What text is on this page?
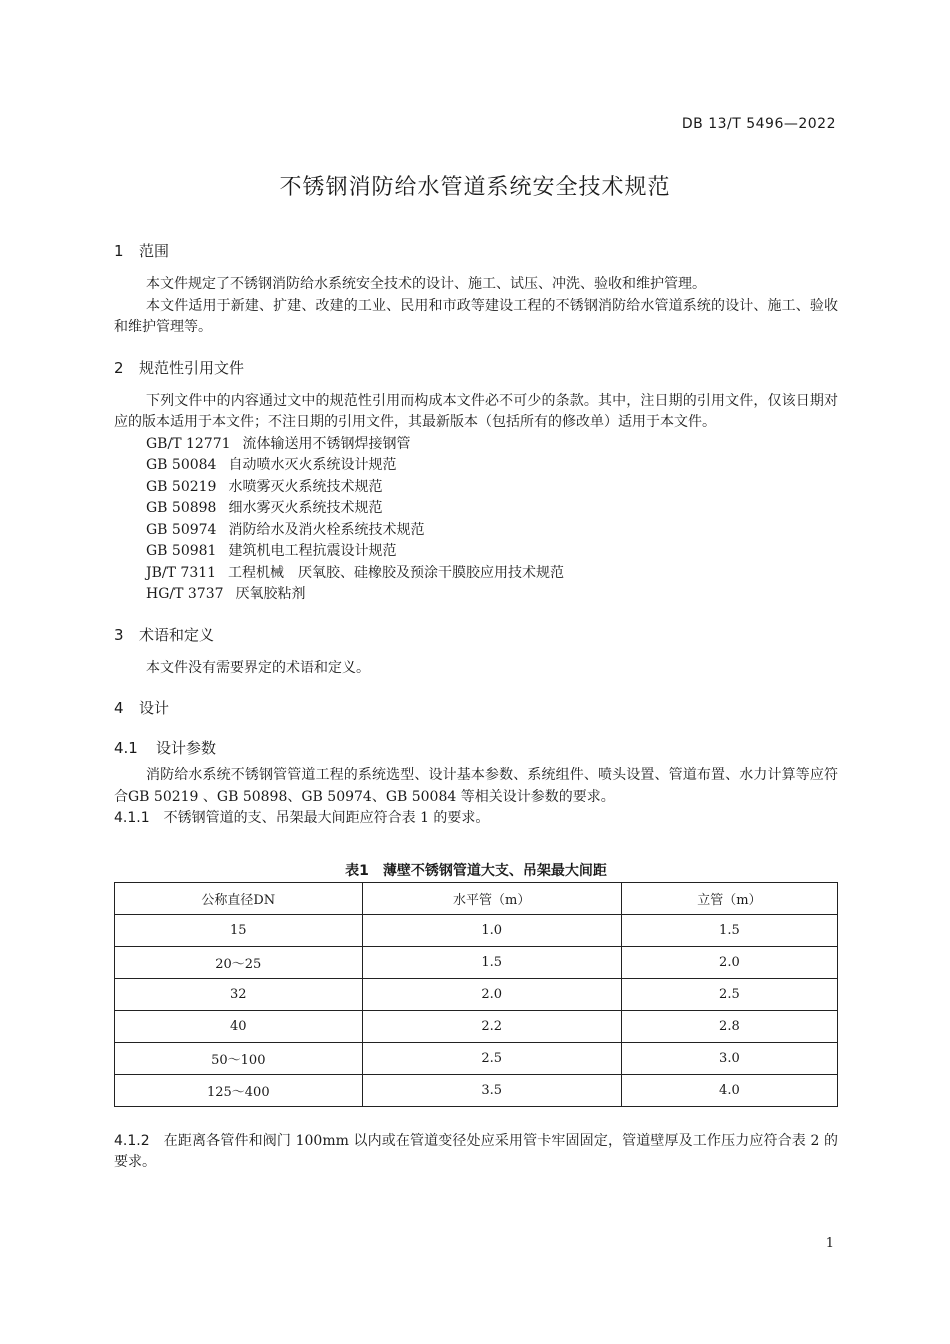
DB 13/T 5496—2022
不锈钢消防给水管道系统安全技术规范
1 范围
本文件规定了不锈钢消防给水系统安全技术的设计、施工、试压、冲洗、验收和维护管理。
本文件适用于新建、扩建、改建的工业、民用和市政等建设工程的不锈钢消防给水管道系统的设计、施工、验收和维护管理等。
2 规范性引用文件
下列文件中的内容通过文中的规范性引用而构成本文件必不可少的条款。其中，注日期的引用文件，仅该日期对应的版本适用于本文件；不注日期的引用文件，其最新版本（包括所有的修改单）适用于本文件。
GB/T 12771 流体输送用不锈钢焊接钢管
GB 50084 自动喷水灭火系统设计规范
GB 50219 水喷雾灭火系统技术规范
GB 50898 细水雾灭火系统技术规范
GB 50974 消防给水及消火栓系统技术规范
GB 50981 建筑机电工程抗震设计规范
JB/T 7311 工程机械　厌氧胶、硅橡胶及预涂干膜胶应用技术规范
HG/T 3737 厌氧胶粘剂
3 术语和定义
本文件没有需要界定的术语和定义。
4 设计
4.1 设计参数
消防给水系统不锈钢管管道工程的系统选型、设计基本参数、系统组件、喷头设置、管道布置、水力计算等应符合GB 50219 、GB 50898、GB 50974、GB 50084 等相关设计参数的要求。
4.1.1 不锈钢管道的支、吊架最大间距应符合表 1 的要求。
表1　薄壁不锈钢管道大支、吊架最大间距
公称直径DN	水平管（m）	立管（m）
15	1.0	1.5
20～25	1.5	2.0
32	2.0	2.5
40	2.2	2.8
50～100	2.5	3.0
125～400	3.5	4.0
4.1.2 在距离各管件和阀门 100mm 以内或在管道变径处应采用管卡牢固固定，管道壁厚及工作压力应符合表 2 的要求。
1
